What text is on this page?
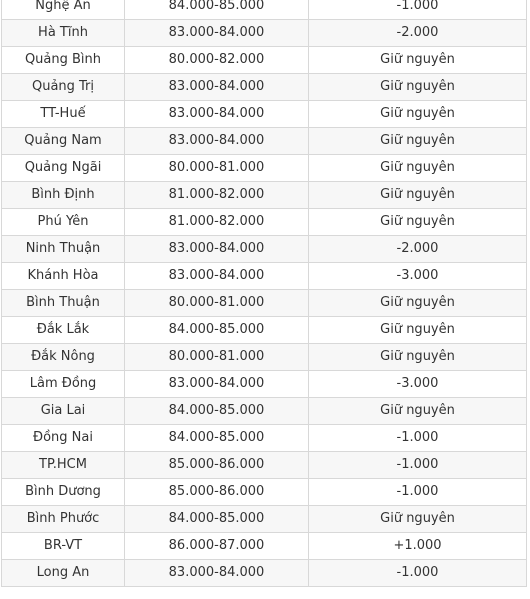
Nghệ An	84.000-85.000	-1.000
Hà Tĩnh	83.000-84.000	-2.000
Quảng Bình	80.000-82.000	Giữ nguyên
Quảng Trị	83.000-84.000	Giữ nguyên
TT-Huế	83.000-84.000	Giữ nguyên
Quảng Nam	83.000-84.000	Giữ nguyên
Quảng Ngãi	80.000-81.000	Giữ nguyên
Bình Định	81.000-82.000	Giữ nguyên
Phú Yên	81.000-82.000	Giữ nguyên
Ninh Thuận	83.000-84.000	-2.000
Khánh Hòa	83.000-84.000	-3.000
Bình Thuận	80.000-81.000	Giữ nguyên
Đắk Lắk	84.000-85.000	Giữ nguyên
Đắk Nông	80.000-81.000	Giữ nguyên
Lâm Đồng	83.000-84.000	-3.000
Gia Lai	84.000-85.000	Giữ nguyên
Đồng Nai	84.000-85.000	-1.000
TP.HCM	85.000-86.000	-1.000
Bình Dương	85.000-86.000	-1.000
Bình Phước	84.000-85.000	Giữ nguyên
BR-VT	86.000-87.000	+1.000
Long An	83.000-84.000	-1.000
